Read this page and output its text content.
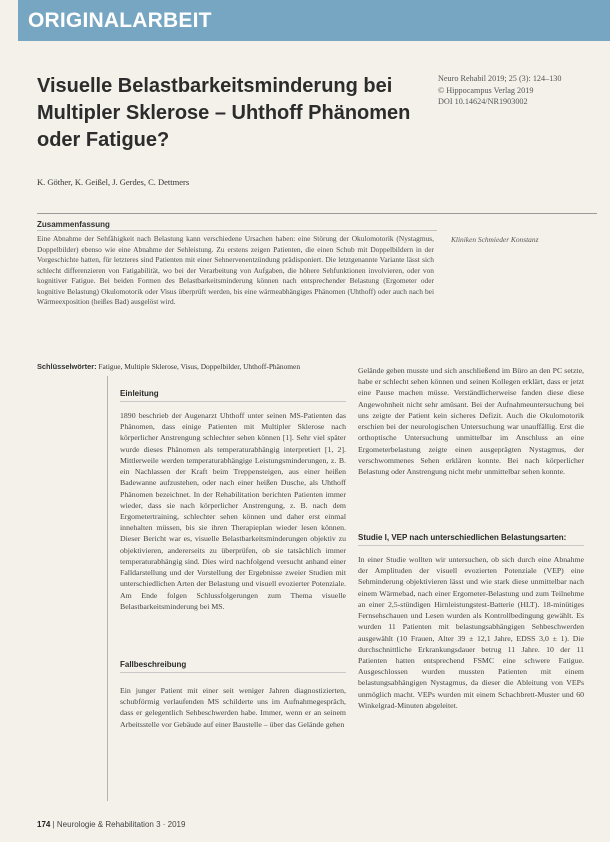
ORIGINALARBEIT
Visuelle Belastbarkeitsminderung bei Multipler Sklerose – Uhthoff Phänomen oder Fatigue?
Neuro Rehabil 2019; 25 (3): 124–130
© Hippocampus Verlag 2019
DOI 10.14624/NR1903002
K. Göther, K. Geißel, J. Gerdes, C. Dettmers
Zusammenfassung
Eine Abnahme der Sehfähigkeit nach Belastung kann verschiedene Ursachen haben: eine Störung der Okulomotorik (Nystagmus, Doppelbilder) ebenso wie eine Abnahme der Sehleistung. Zu erstens zeigen Patienten, die einen Schub mit Doppelbildern in der Vorgeschichte hatten, für letzteres sind Patienten mit einer Sehnervenentzündung prädisponiert. Die letztgenannte Variante lässt sich schlecht differenzieren von Fatigabilität, wo bei der Verarbeitung von Aufgaben, die höhere Sehfunktionen involvieren, oder von kognitiver Fatigue. Bei beiden Formen des Belastbarkeitsminderung können nach entsprechender Belastung (Ergometer oder kognitive Belastung) Okulomotorik oder Visus überprüft werden, bis eine wärmeabhängiges Phänomen (Uhthoff) oder auch nach bei Wärmeexposition (heißes Bad) ausgelöst wird.
Kliniken Schmieder Konstanz
Schlüsselwörter: Fatigue, Multiple Sklerose, Visus, Doppelbilder, Uhthoff-Phänomen
Einleitung
1890 beschrieb der Augenarzt Uhthoff unter seinen MS-Patienten das Phänomen, dass einige Patienten mit Multipler Sklerose nach körperlicher Anstrengung schlechter sehen können [1]. Sehr viel später wurde dieses Phänomen als temperaturabhängig interpretiert [1, 2]. Mittlerweile werden temperaturabhängige Leistungsminderungen, z. B. ein Nachlassen der Kraft beim Treppensteigen, aus einer heißen Badewanne aufzustehen, oder nach einer heißen Dusche, als Uhthoff Phänomen bezeichnet. In der Rehabilitation berichten Patienten immer wieder, dass sie nach körperlicher Anstrengung, z. B. nach dem Ergometertraining, schlechter sehen können und daher erst einmal innehalten müssen, bis sie ihren Therapieplan wieder lesen können. Dieser Bericht war es, visuelle Belastbarkeitsminderungen objektiv zu objektivieren, andererseits zu überprüfen, ob sie tatsächlich immer temperaturabhängig sind. Dies wird nachfolgend versucht anhand einer Falldarstellung und der Vorstellung der Ergebnisse zweier Studien mit unterschiedlichen Arten der Belastung und visuell evozierter Potenziale. Am Ende folgen Schlussfolgerungen zum Thema visuelle Belastbarkeitsminderung bei MS.
Fallbeschreibung
Ein junger Patient mit einer seit weniger Jahren diagnostizierten, schubförmig verlaufenden MS schilderte uns im Aufnahmegespräch, dass er gelegentlich Sehbeschwerden habe. Immer, wenn er an seinem Arbeitsstelle vor Gebäude auf einer Baustelle – über das Gelände gehen
Gelände gehen musste und sich anschließend im Büro an den PC setzte, habe er schlecht sehen können und seinen Kollegen erklärt, dass er jetzt eine Pause machen müsse. Verständlicherweise fanden diese diese Angewohnheit nicht sehr amüsant. Bei der Aufnahmeuntersuchung bei uns zeigte der Patient kein sicheres Defizit. Auch die Okulomotorik erschien bei der neurologischen Untersuchung war unauffällig. Erst die orthoptische Untersuchung unmittelbar im Anschluss an eine Ergometerbelastung zeigte einen ausgeprägten Nystagmus, der verschwommenes Sehen erklären konnte. Bei nach körperlicher Belastung oder Anstrengung nicht mehr unmittelbar sehen konnte.
Studie I, VEP nach unterschiedlichen Belastungsarten:
In einer Studie wollten wir untersuchen, ob sich durch eine Abnahme der Amplituden der visuell evozierten Potenziale (VEP) eine Sehminderung objektivieren lässt und wie stark diese unmittelbar nach einem Wärmebad, nach einer Ergometer-Belastung und zum Teilnehme an einer 2,5-stündigen Hirnleistungstest-Batterie (HLT). 18-minütiges Fernsehschauen und Lesen wurden als Kontrollbedingung gewählt. Es wurden 11 Patienten mit belastungsabhängigen Sehbeschwerden ausgewählt (10 Frauen, Alter 39 ± 12,1 Jahre, EDSS 3,0 ± 1). Die durchschnittliche Erkrankungsdauer betrug 11 Jahre. 10 der 11 Patienten hatten entsprechend FSMC eine schwere Fatigue. Ausgeschlossen wurden mussten Patienten mit einem belastungsabhängigen Nystagmus, da dieser die Ableitung von VEPs unmöglich macht. VEPs wurden mit einem Schachbrett-Muster und 60 Winkelgrad-Minuten abgeleitet.
174 | Neurologie & Rehabilitation 3 · 2019
